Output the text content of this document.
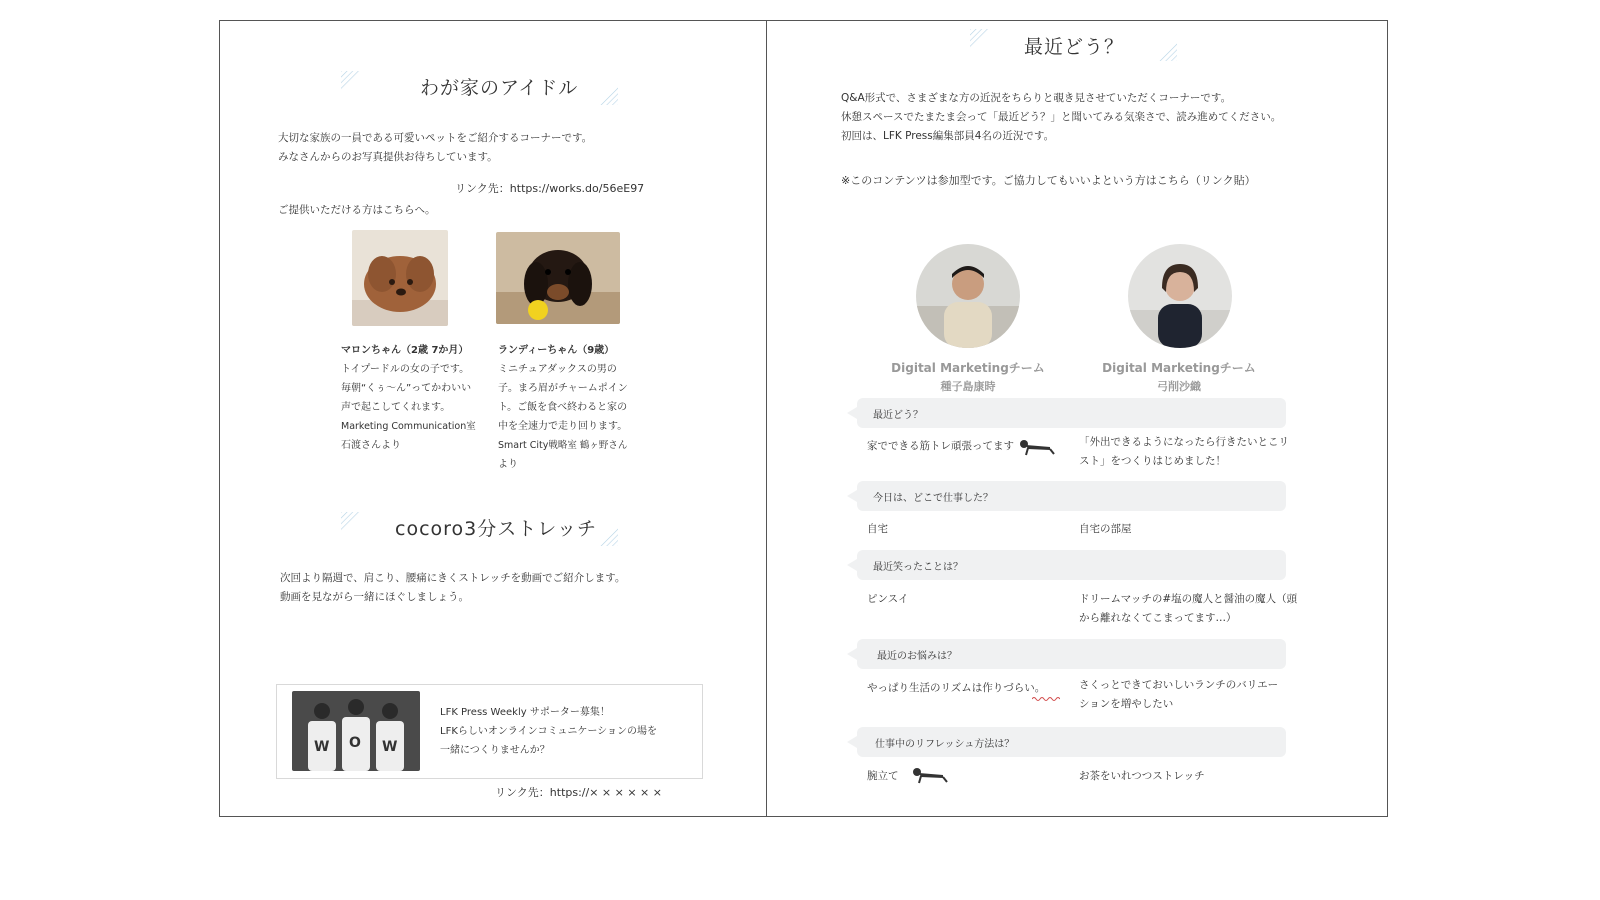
わが家のアイドル
大切な家族の一員である可愛いペットをご紹介するコーナーです。
みなさんからのお写真提供お待ちしています。
リンク先：https://works.do/56eE97
ご提供いただける方はこちらへ。
マロンちゃん（2歳 7か月）
トイプードルの女の子です。
毎朝“くぅ〜ん”ってかわいい
声で起こしてくれます。
Marketing Communication室
石渡さんより
ランディーちゃん（9歳）
ミニチュアダックスの男の
子。まろ眉がチャームポイン
ト。ご飯を食べ終わると家の
中を全速力で走り回ります。
Smart City戦略室 鶴ヶ野さん
より
cocoro3分ストレッチ
次回より隔週で、肩こり、腰痛にきくストレッチを動画でご紹介します。
動画を見ながら一緒にほぐしましょう。
W O W
LFK Press Weekly サポーター募集！
LFKらしいオンラインコミュニケーションの場を
一緒につくりませんか？
リンク先：https://× × × × × ×
最近どう？
Q&A形式で、さまざまな方の近況をちらりと覗き見させていただくコーナーです。
休憩スペースでたまたま会って「最近どう？」と聞いてみる気楽さで、読み進めてください。
初回は、LFK Press編集部員4名の近況です。
※このコンテンツは参加型です。ご協力してもいいよという方はこちら（リンク貼）
Digital Marketingチーム
種子島康時
Digital Marketingチーム
弓削沙織
最近どう？
家でできる筋トレ頑張ってます	「外出できるようになったら行きたいとこリ
スト」をつくりはじめました！
今日は、どこで仕事した？
自宅	自宅の部屋
最近笑ったことは？
ピンスイ	ドリームマッチの#塩の魔人と醤油の魔人（頭
から離れなくてこまってます…）
最近のお悩みは？
やっぱり生活のリズムは作りづらい。	さくっとできておいしいランチのバリエー
ションを増やしたい
仕事中のリフレッシュ方法は？
腕立て	お茶をいれつつストレッチ
